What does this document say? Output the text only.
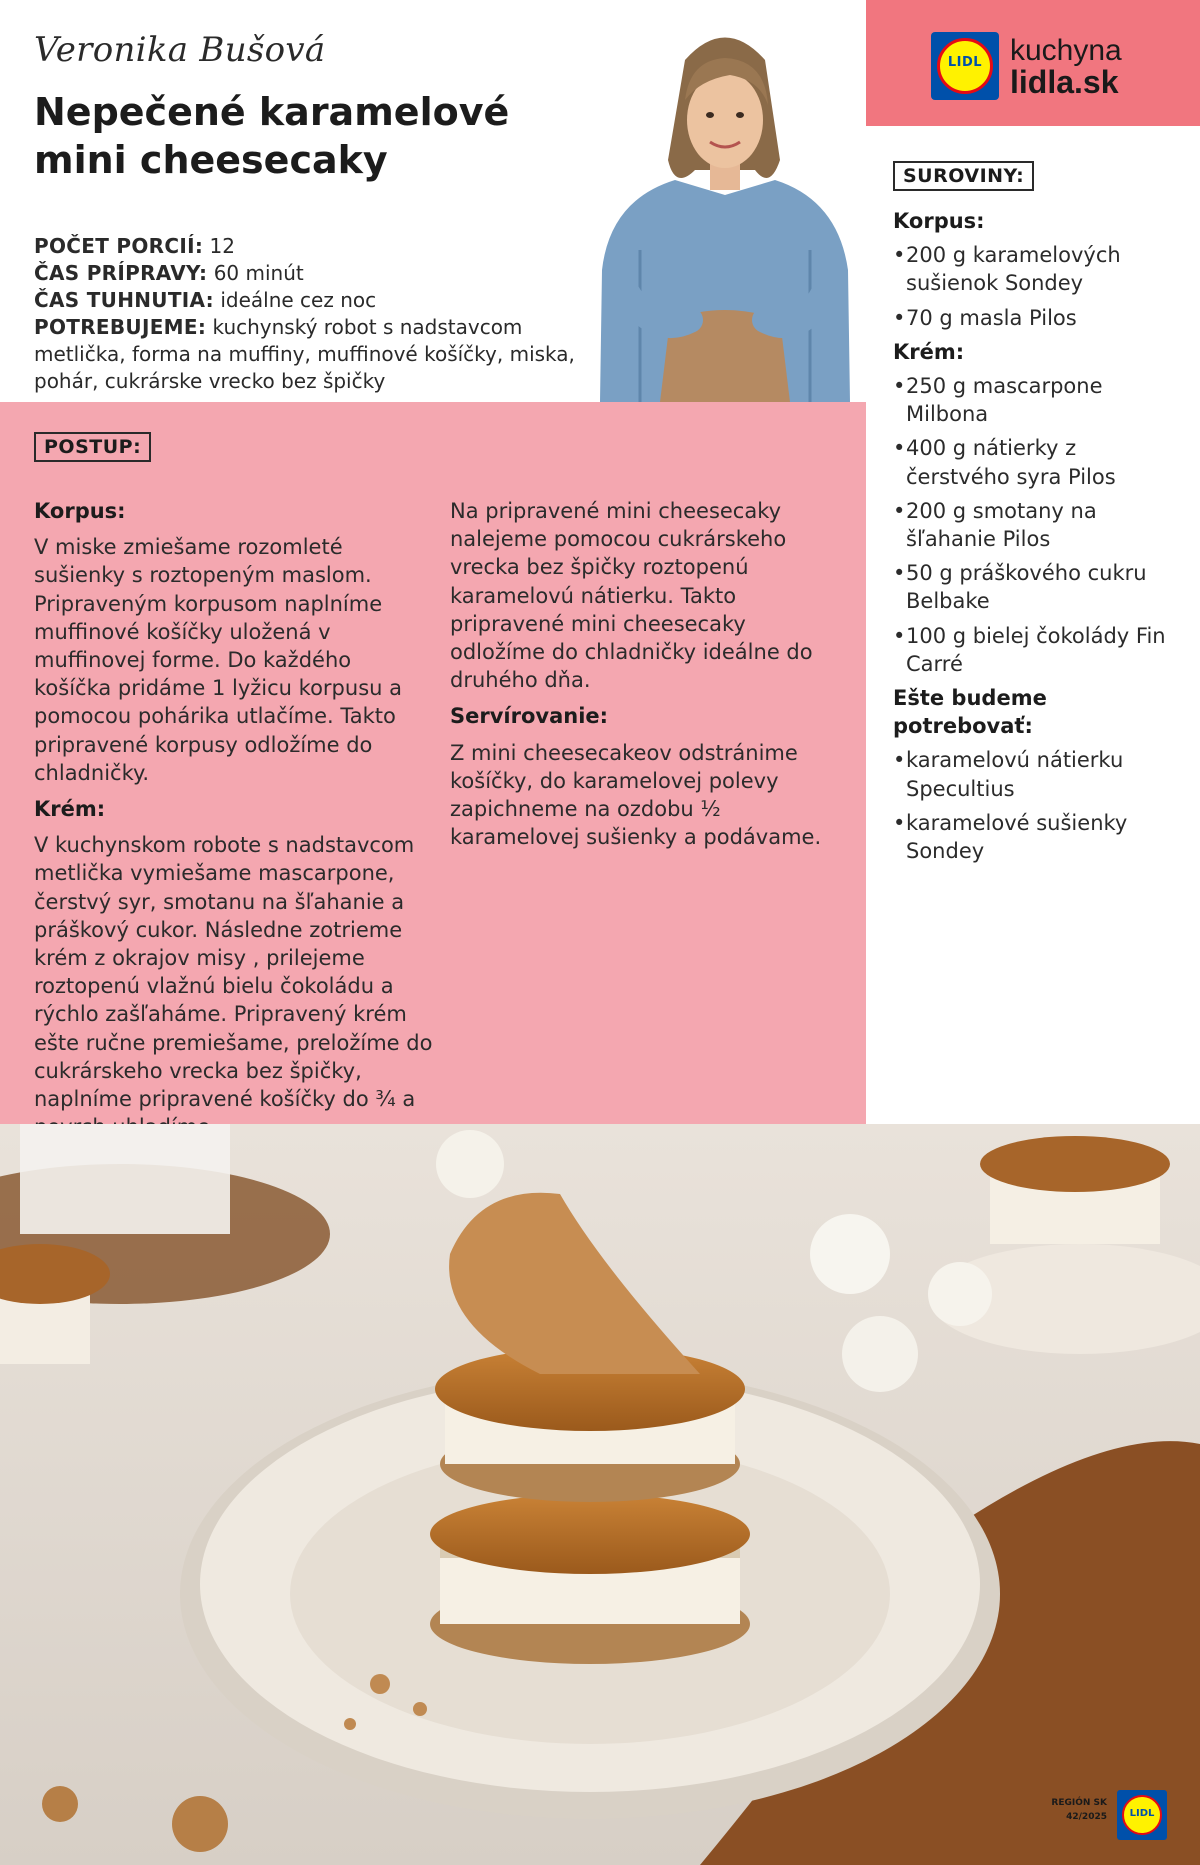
Veronika Bušová
Nepečené karamelové mini cheesecaky
POČET PORCIÍ: 12
ČAS PRÍPRAVY: 60 minút
ČAS TUHNUTIA: ideálne cez noc
POTREBUJEME: kuchynský robot s nadstavcom metlička, forma na muffiny, muffinové košíčky, miska, pohár, cukrárske vrecko bez špičky
LIDL kuchyna
lidla.sk
POSTUP:
Korpus:

V miske zmiešame rozomleté sušienky s roztopeným maslom. Pripraveným korpusom naplníme muffinové košíčky uložená v muffinovej forme. Do každého košíčka pridáme 1 lyžicu korpusu a pomocou pohárika utlačíme. Takto pripravené korpusy odložíme do chladničky.

Krém:

V kuchynskom robote s nadstavcom metlička vymiešame mascarpone, čerstvý syr, smotanu na šľahanie a práškový cukor. Následne zotrieme krém z okrajov misy , prilejeme roztopenú vlažnú bielu čokoládu a rýchlo zašľaháme. Pripravený krém ešte ručne premiešame, preložíme do cukrárskeho vrecka bez špičky, naplníme pripravené košíčky do ¾ a

Na pripravené mini cheesecaky nalejeme pomocou cukrárskeho vrecka bez špičky roztopenú karamelovú nátierku. Takto pripravené mini cheesecaky odložíme do chladničky ideálne do druhého dňa.

Servírovanie:

Z mini cheesecakeov odstránime košíčky, do karamelovej polevy zapichneme na ozdobu ½ karamelovej sušienky a podávame.

SUROVINY:
Korpus:
• 200 g karamelových sušienok Sondey
• 70 g masla Pilos
Krém:
• 250 g mascarpone Milbona
• 400 g nátierky z čerstvého syra Pilos
• 200 g smotany na šľahanie Pilos
• 50 g práškového cukru Belbake
• 100 g bielej čokolády Fin Carré
Ešte budeme potrebovať:
• karamelovú nátierku Specultius
• karamelové sušienky Sondey
REGIÓN SK
42/2025	LIDL
